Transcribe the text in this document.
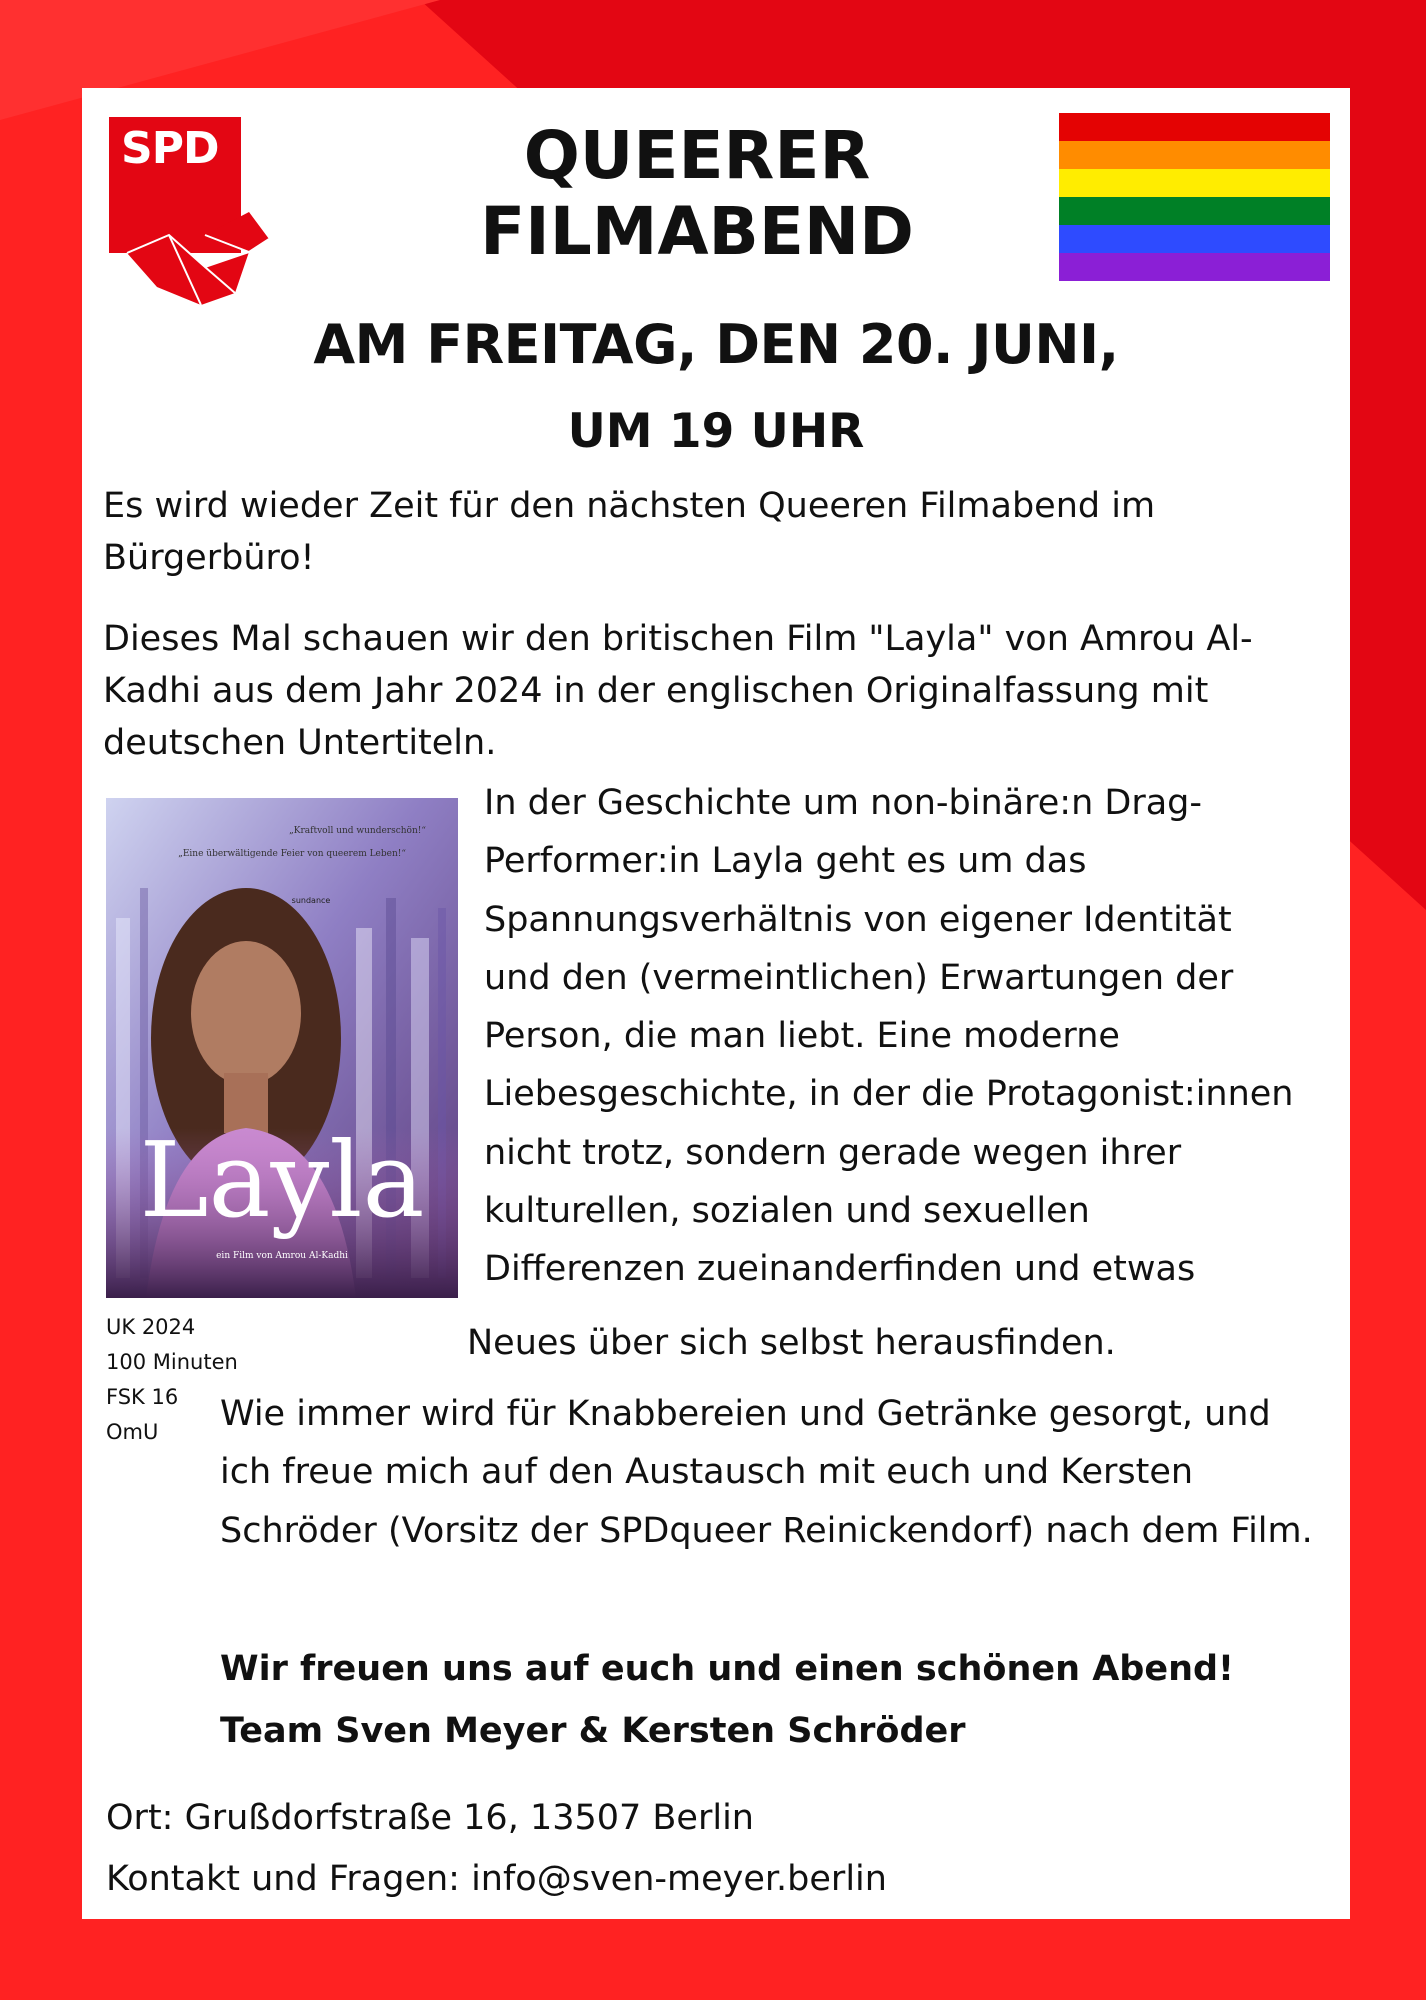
SPD	QUEERER
FILMABEND
AM FREITAG, DEN 20. JUNI,
UM 19 UHR
Es wird wieder Zeit für den nächsten Queeren Filmabend im Bürgerbüro!
Dieses Mal schauen wir den britischen Film "Layla" von Amrou Al-Kadhi aus dem Jahr 2024 in der englischen Originalfassung mit deutschen Untertiteln.
„Kraftvoll und wunderschön!“
„Eine überwältigende Feier von queerem Leben!“
sundance
Layla
ein Film von Amrou Al-Kadhi
UK 2024
100 Minuten
FSK 16
OmU
In der Geschichte um non-binäre:n Drag-
Performer:in Layla geht es um das
Spannungsverhältnis von eigener Identität
und den (vermeintlichen) Erwartungen der
Person, die man liebt. Eine moderne
Liebesgeschichte, in der die Protagonist:innen
nicht trotz, sondern gerade wegen ihrer
kulturellen, sozialen und sexuellen
Differenzen zueinanderfinden und etwas
Neues über sich selbst herausfinden.
Wie immer wird für Knabbereien und Getränke gesorgt, und ich freue mich auf den Austausch mit euch und Kersten Schröder (Vorsitz der SPDqueer Reinickendorf) nach dem Film.
Wir freuen uns auf euch und einen schönen Abend!
Team Sven Meyer & Kersten Schröder
Ort: Grußdorfstraße 16, 13507 Berlin
Kontakt und Fragen: info@sven-meyer.berlin
